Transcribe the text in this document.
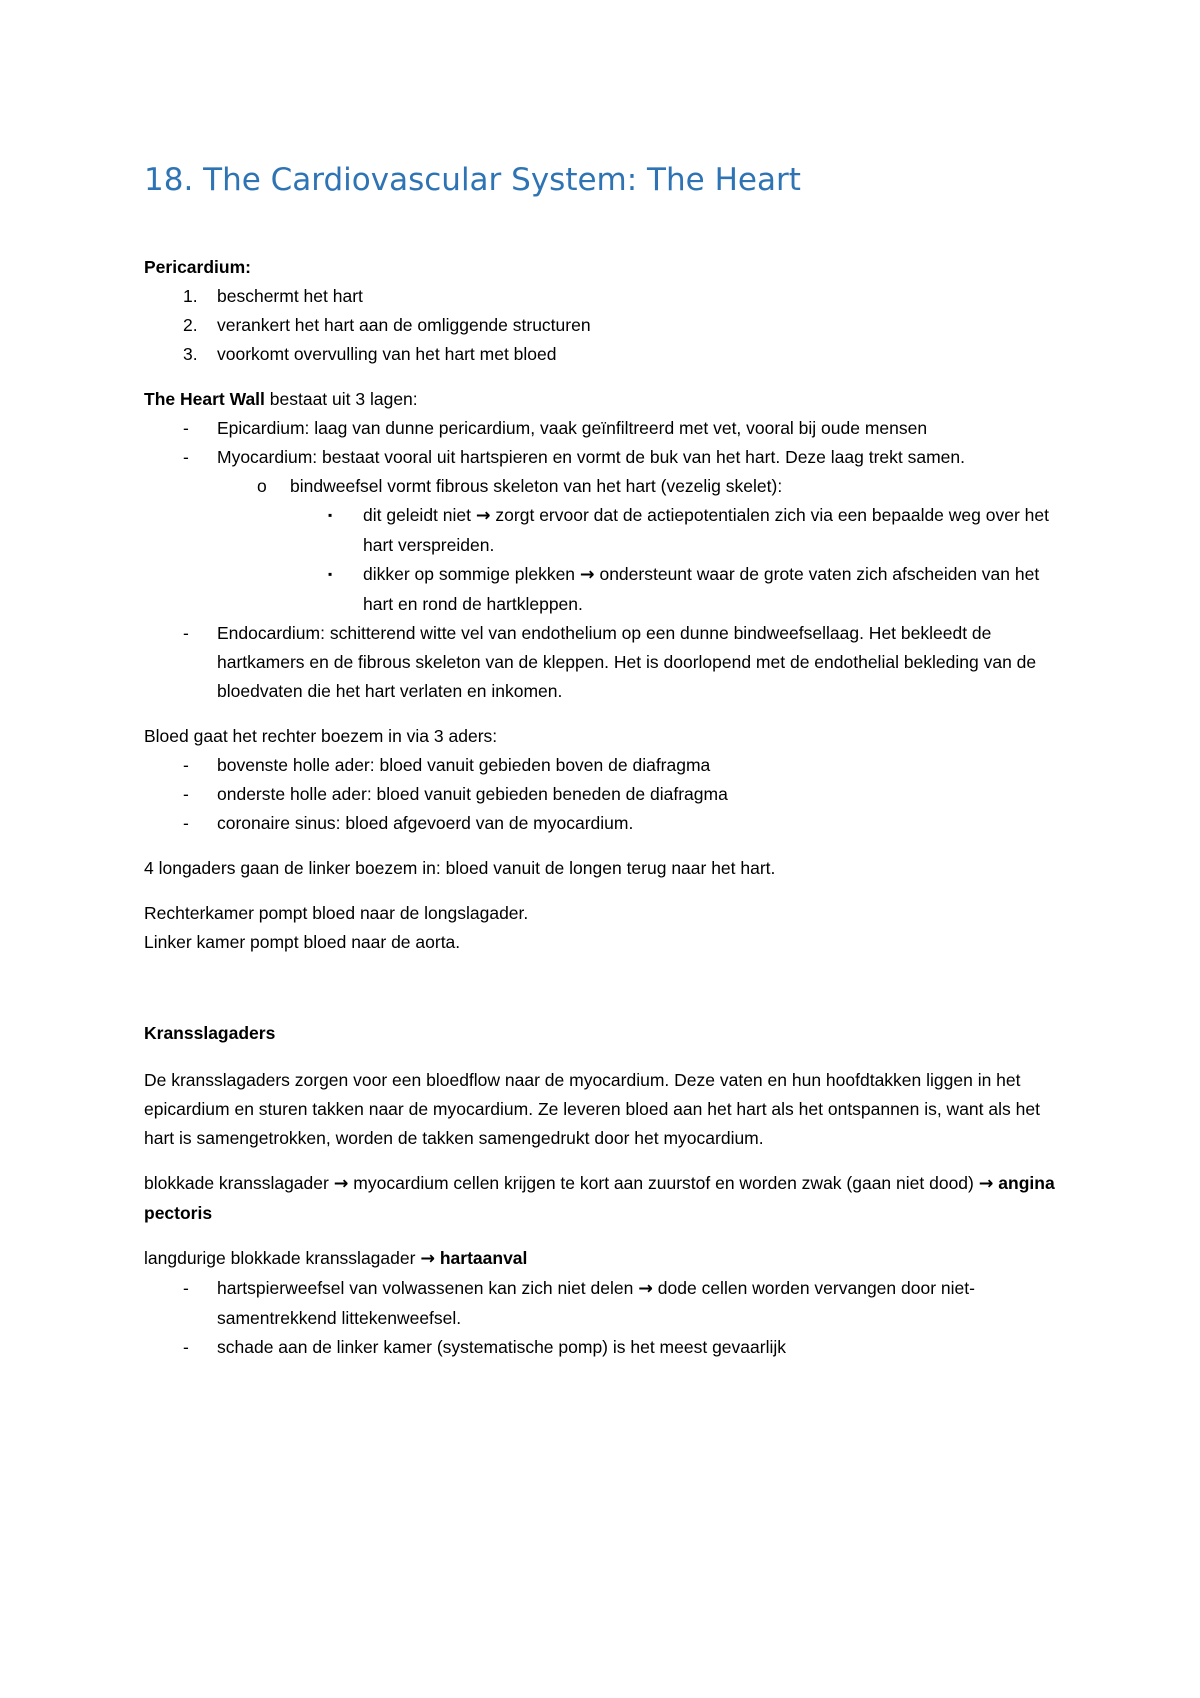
18. The Cardiovascular System: The Heart

Pericardium:

1. beschermt het hart

2. verankert het hart aan de omliggende structuren

3. voorkomt overvulling van het hart met bloed

The Heart Wall bestaat uit 3 lagen:

- Epicardium: laag van dunne pericardium, vaak geïnfiltreerd met vet, vooral bij oude mensen

- Myocardium: bestaat vooral uit hartspieren en vormt de buk van het hart. Deze laag trekt samen.

o bindweefsel vormt fibrous skeleton van het hart (vezelig skelet):

▪ dit geleidt niet → zorgt ervoor dat de actiepotentialen zich via een bepaalde weg over het hart verspreiden.

▪ dikker op sommige plekken → ondersteunt waar de grote vaten zich afscheiden van het hart en rond de hartkleppen.

- Endocardium: schitterend witte vel van endothelium op een dunne bindweefsellaag. Het bekleedt de hartkamers en de fibrous skeleton van de kleppen. Het is doorlopend met de endothelial bekleding van de bloedvaten die het hart verlaten en inkomen.

Bloed gaat het rechter boezem in via 3 aders:

- bovenste holle ader: bloed vanuit gebieden boven de diafragma

- onderste holle ader: bloed vanuit gebieden beneden de diafragma

- coronaire sinus: bloed afgevoerd van de myocardium.

4 longaders gaan de linker boezem in: bloed vanuit de longen terug naar het hart.

Rechterkamer pompt bloed naar de longslagader.

Linker kamer pompt bloed naar de aorta.

Kransslagaders

De kransslagaders zorgen voor een bloedflow naar de myocardium. Deze vaten en hun hoofdtakken liggen in het epicardium en sturen takken naar de myocardium. Ze leveren bloed aan het hart als het ontspannen is, want als het hart is samengetrokken, worden de takken samengedrukt door het myocardium.

blokkade kransslagader → myocardium cellen krijgen te kort aan zuurstof en worden zwak (gaan niet dood) → angina pectoris

langdurige blokkade kransslagader → hartaanval

- hartspierweefsel van volwassenen kan zich niet delen → dode cellen worden vervangen door niet-samentrekkend littekenweefsel.

- schade aan de linker kamer (systematische pomp) is het meest gevaarlijk
